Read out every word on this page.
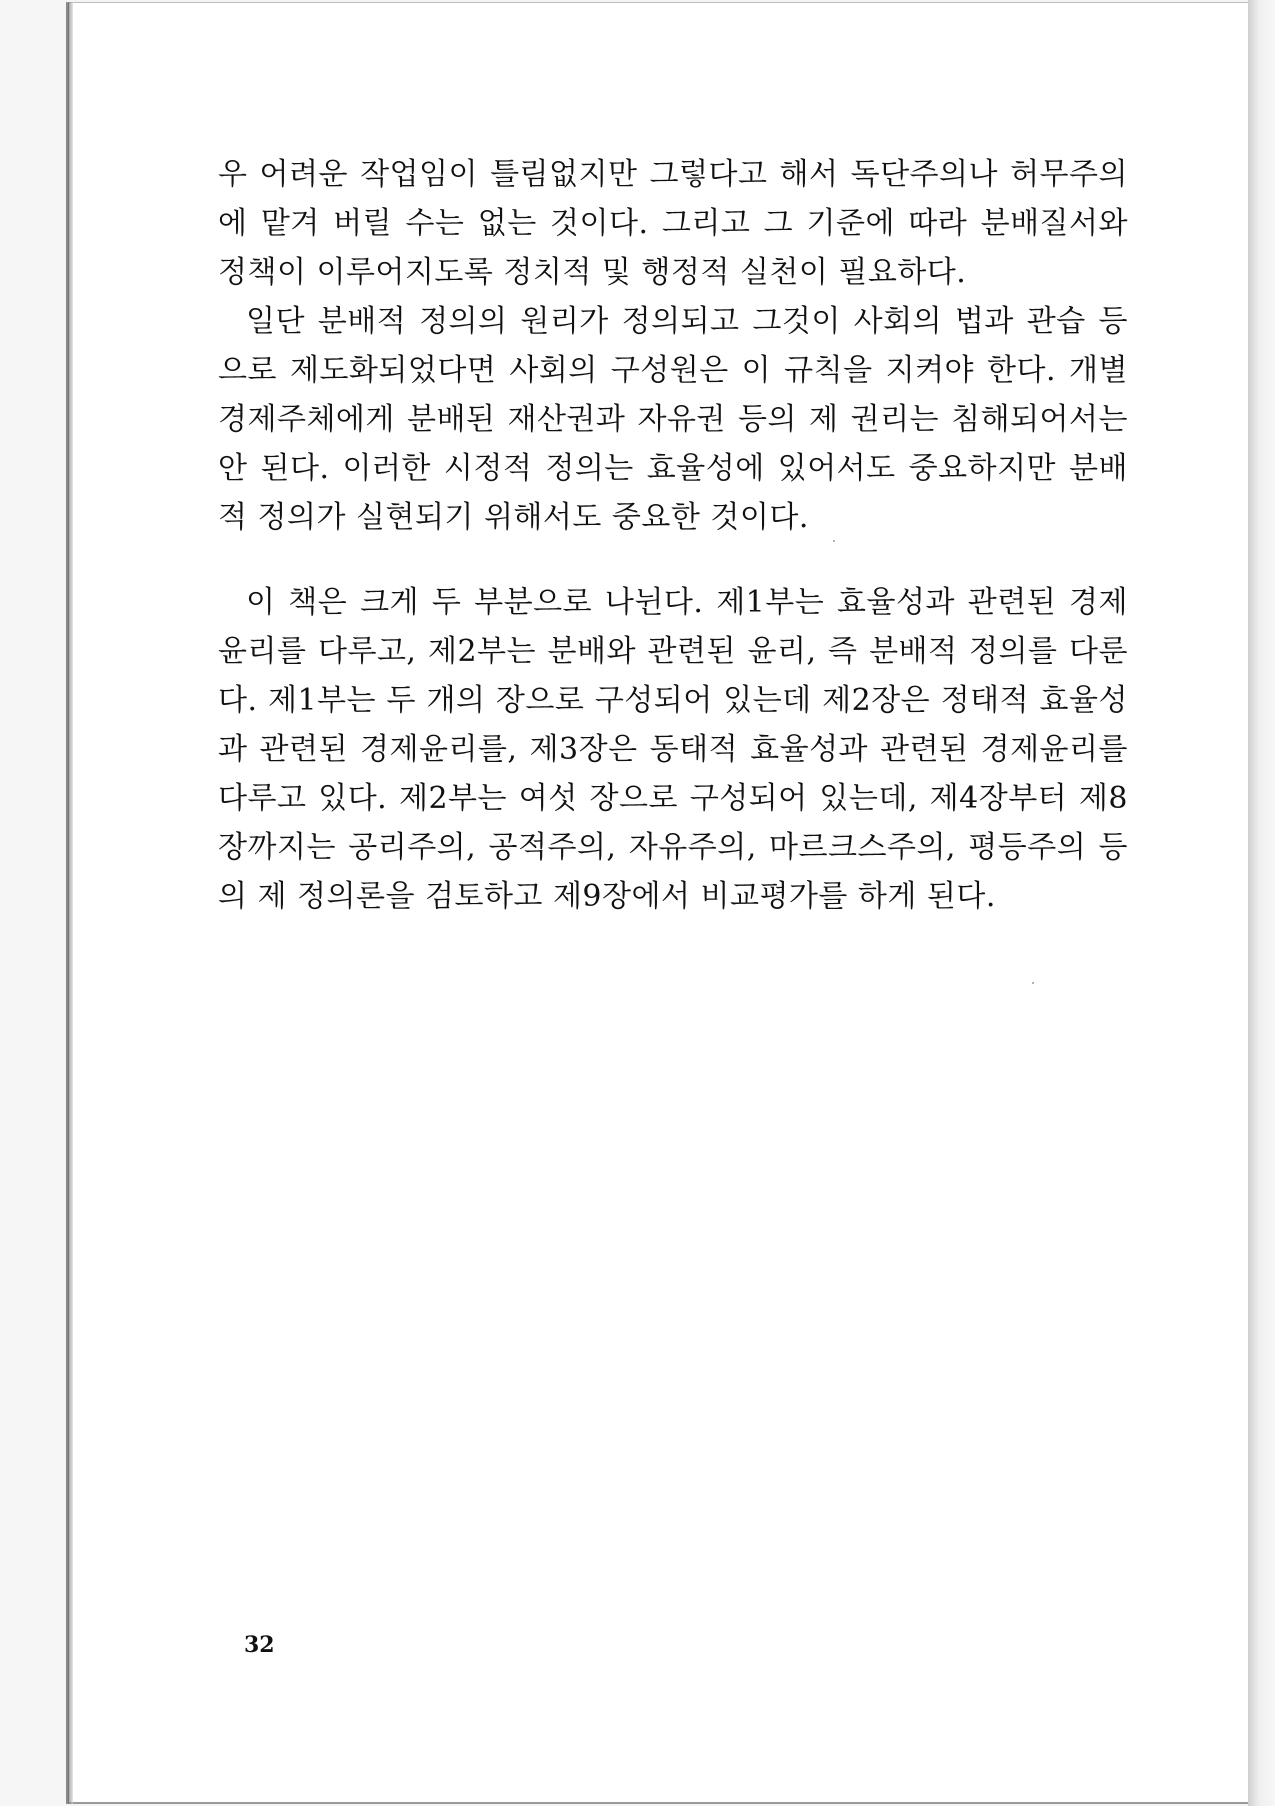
우 어려운 작업임이 틀림없지만 그렇다고 해서 독단주의나 허무주의에 맡겨 버릴 수는 없는 것이다. 그리고 그 기준에 따라 분배질서와 정책이 이루어지도록 정치적 및 행정적 실천이 필요하다.

일단 분배적 정의의 원리가 정의되고 그것이 사회의 법과 관습 등으로 제도화되었다면 사회의 구성원은 이 규칙을 지켜야 한다. 개별 경제주체에게 분배된 재산권과 자유권 등의 제 권리는 침해되어서는 안 된다. 이러한 시정적 정의는 효율성에 있어서도 중요하지만 분배적 정의가 실현되기 위해서도 중요한 것이다.

이 책은 크게 두 부분으로 나뉜다. 제1부는 효율성과 관련된 경제윤리를 다루고, 제2부는 분배와 관련된 윤리, 즉 분배적 정의를 다룬다. 제1부는 두 개의 장으로 구성되어 있는데 제2장은 정태적 효율성과 관련된 경제윤리를, 제3장은 동태적 효율성과 관련된 경제윤리를 다루고 있다. 제2부는 여섯 장으로 구성되어 있는데, 제4장부터 제8장까지는 공리주의, 공적주의, 자유주의, 마르크스주의, 평등주의 등의 제 정의론을 검토하고 제9장에서 비교평가를 하게 된다.

32
